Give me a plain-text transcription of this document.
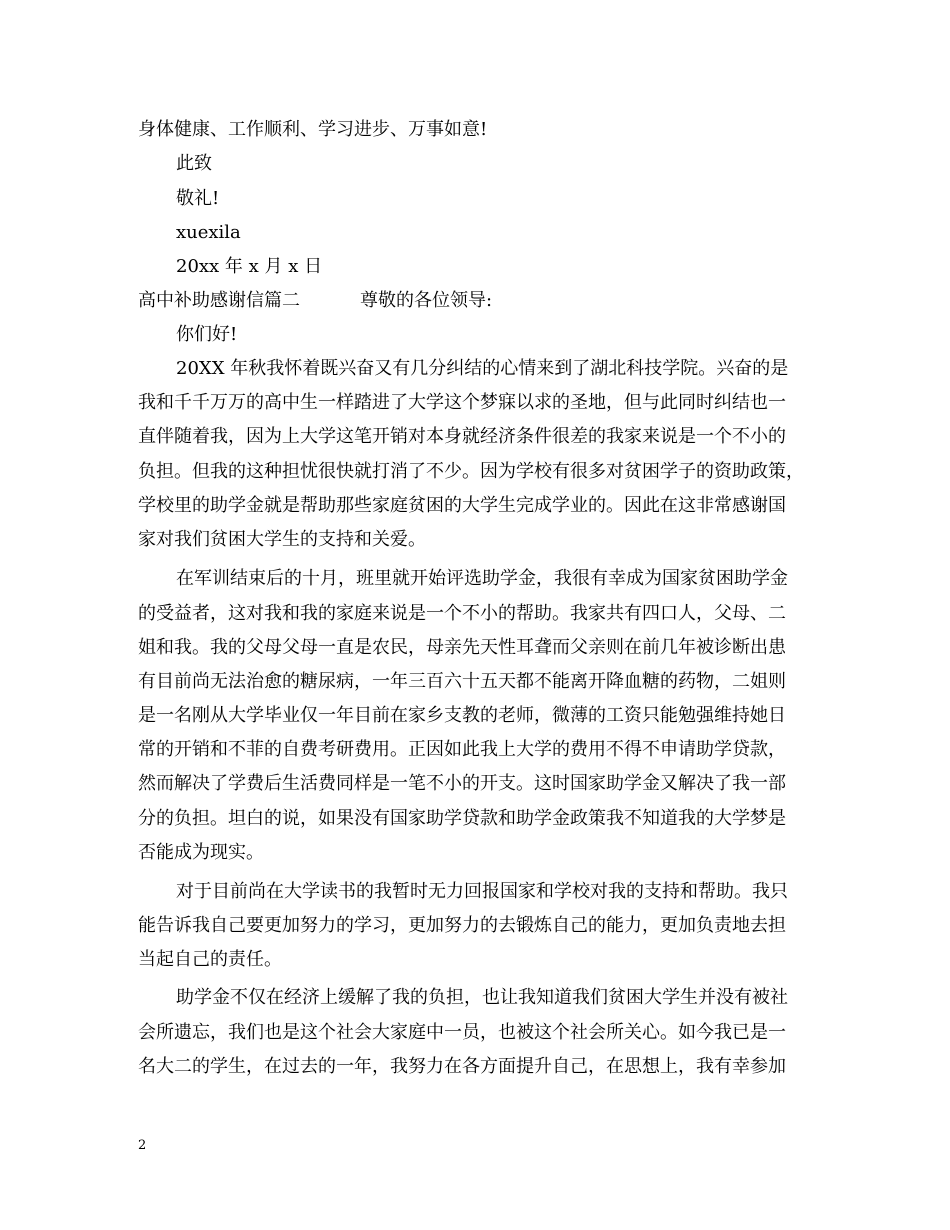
身体健康、工作顺利、学习进步、万事如意!
此致
敬礼!
xuexila
20xx 年 x 月 x 日
高中补助感谢信篇二	尊敬的各位领导:
你们好!
20XX 年秋我怀着既兴奋又有几分纠结的心情来到了湖北科技学院。兴奋的是
我和千千万万的高中生一样踏进了大学这个梦寐以求的圣地，但与此同时纠结也一
直伴随着我，因为上大学这笔开销对本身就经济条件很差的我家来说是一个不小的
负担。但我的这种担忧很快就打消了不少。因为学校有很多对贫困学子的资助政策，
学校里的助学金就是帮助那些家庭贫困的大学生完成学业的。因此在这非常感谢国
家对我们贫困大学生的支持和关爱。
在军训结束后的十月，班里就开始评选助学金，我很有幸成为国家贫困助学金
的受益者，这对我和我的家庭来说是一个不小的帮助。我家共有四口人，父母、二
姐和我。我的父母父母一直是农民，母亲先天性耳聋而父亲则在前几年被诊断出患
有目前尚无法治愈的糖尿病，一年三百六十五天都不能离开降血糖的药物，二姐则
是一名刚从大学毕业仅一年目前在家乡支教的老师，微薄的工资只能勉强维持她日
常的开销和不菲的自费考研费用。正因如此我上大学的费用不得不申请助学贷款，
然而解决了学费后生活费同样是一笔不小的开支。这时国家助学金又解决了我一部
分的负担。坦白的说，如果没有国家助学贷款和助学金政策我不知道我的大学梦是
否能成为现实。
对于目前尚在大学读书的我暂时无力回报国家和学校对我的支持和帮助。我只
能告诉我自己要更加努力的学习，更加努力的去锻炼自己的能力，更加负责地去担
当起自己的责任。
助学金不仅在经济上缓解了我的负担，也让我知道我们贫困大学生并没有被社
会所遗忘，我们也是这个社会大家庭中一员，也被这个社会所关心。如今我已是一
名大二的学生，在过去的一年，我努力在各方面提升自己，在思想上，我有幸参加
2
